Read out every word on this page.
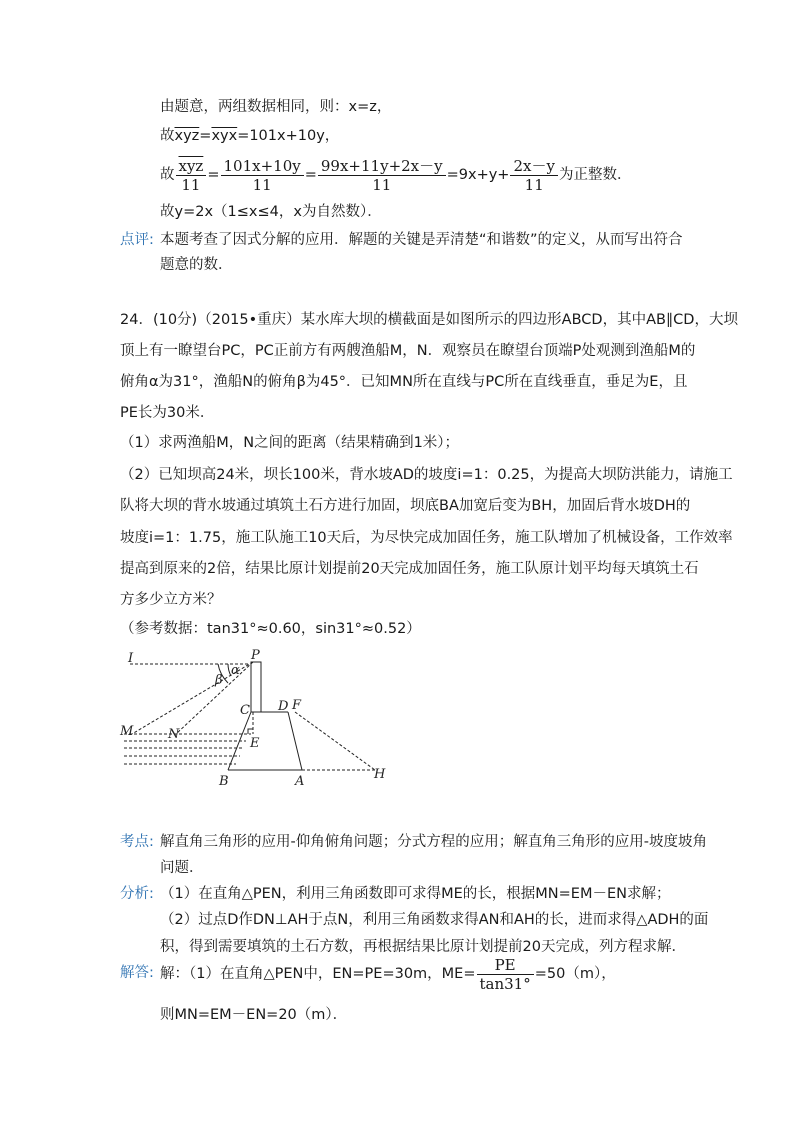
由题意，两组数据相同，则：x=z，
故$\overline{xyz}=\overline{xyx}=101x+10y$，
故 $\frac{\overline{xyz}}{11} = \frac{101x+10y}{11} = \frac{99x+11y+2x-y}{11} =9x+y+ \frac{2x-y}{11}$ 为正整数．
故y=2x（1≤x≤4，x为自然数）．
点评: 本题考查了因式分解的应用．解题的关键是弄清楚“和谐数”的定义，从而写出符合
题意的数．
24．(10分)（2015•重庆）某水库大坝的横截面是如图所示的四边形ABCD，其中AB∥CD，大坝
顶上有一瞭望台PC，PC正前方有两艘渔船M，N．观察员在瞭望台顶端P处观测到渔船M的
俯角α为31°，渔船N的俯角β为45°．已知MN所在直线与PC所在直线垂直，垂足为E，且
PE长为30米．
（1）求两渔船M，N之间的距离（结果精确到1米）；
（2）已知坝高24米，坝长100米，背水坡AD的坡度i=1：0.25，为提高大坝防洪能力，请施工
队将大坝的背水坡通过填筑土石方进行加固，坝底BA加宽后变为BH，加固后背水坡DH的
坡度i=1：1.75，施工队施工10天后，为尽快完成加固任务，施工队增加了机械设备，工作效率
提高到原来的2倍，结果比原计划提前20天完成加固任务，施工队原计划平均每天填筑土石
方多少立方米？
（参考数据：tan31°≈0.60，sin31°≈0.52）
I	P
α
β
C D F
M	N
E
B	A	H
考点: 解直角三角形的应用-仰角俯角问题；分式方程的应用；解直角三角形的应用-坡度坡角
问题．
分析: （1）在直角△PEN，利用三角函数即可求得ME的长，根据MN=EM－EN求解；
（2）过点D作DN⊥AH于点N，利用三角函数求得AN和AH的长，进而求得△ADH的面
积，得到需要填筑的土石方数，再根据结果比原计划提前20天完成，列方程求解．
解答: 解：（1）在直角△PEN中，EN=PE=30m，$ME= \frac{PE}{\tan 31^\circ} =50(m)$，
则MN=EM－EN=20（m）．
